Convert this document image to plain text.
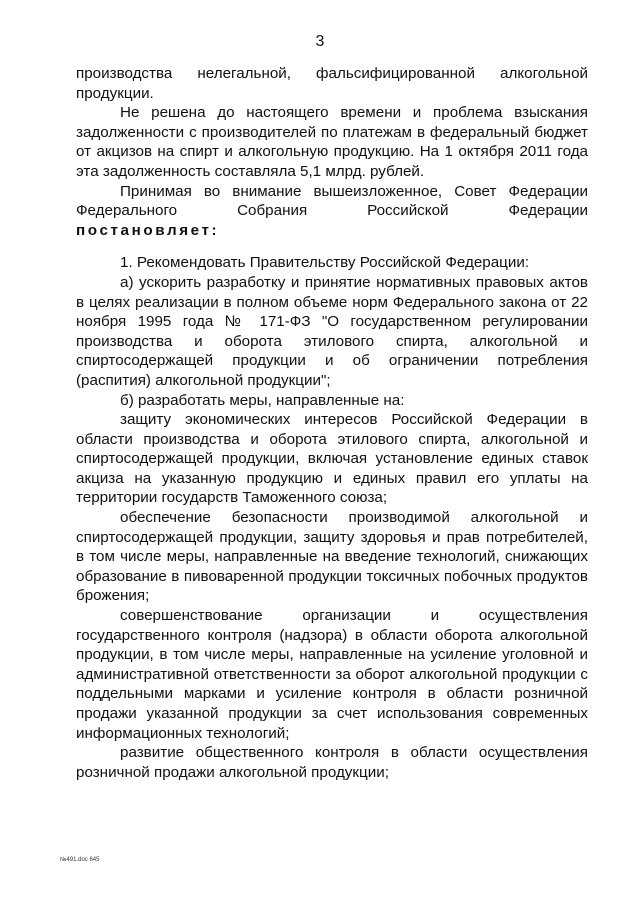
3

производства нелегальной, фальсифицированной алкогольной продукции.

Не решена до настоящего времени и проблема взыскания задолженности с производителей по платежам в федеральный бюджет от акцизов на спирт и алкогольную продукцию. На 1 октября 2011 года эта задолженность составляла 5,1 млрд. рублей.

Принимая во внимание вышеизложенное, Совет Федерации Федерального Собрания Российской Федерации

постановляет:

1. Рекомендовать Правительству Российской Федерации:

а) ускорить разработку и принятие нормативных правовых актов в целях реализации в полном объеме норм Федерального закона от 22 ноября 1995 года № 171-ФЗ "О государственном регулировании производства и оборота этилового спирта, алкогольной и спиртосодержащей продукции и об ограничении потребления (распития) алкогольной продукции";

б) разработать меры, направленные на:

защиту экономических интересов Российской Федерации в области производства и оборота этилового спирта, алкогольной и спиртосодержащей продукции, включая установление единых ставок акциза на указанную продукцию и единых правил его уплаты на территории государств Таможенного союза;

обеспечение безопасности производимой алкогольной и спиртосодержащей продукции, защиту здоровья и прав потребителей, в том числе меры, направленные на введение технологий, снижающих образование в пивоваренной продукции токсичных побочных продуктов брожения;

совершенствование организации и осуществления государственного контроля (надзора) в области оборота алкогольной продукции, в том числе меры, направленные на усиление уголовной и административной ответственности за оборот алкогольной продукции с поддельными марками и усиление контроля в области розничной продажи указанной продукции за счет использования современных информационных технологий;

развитие общественного контроля в области осуществления розничной продажи алкогольной продукции;

№491.doc 645
